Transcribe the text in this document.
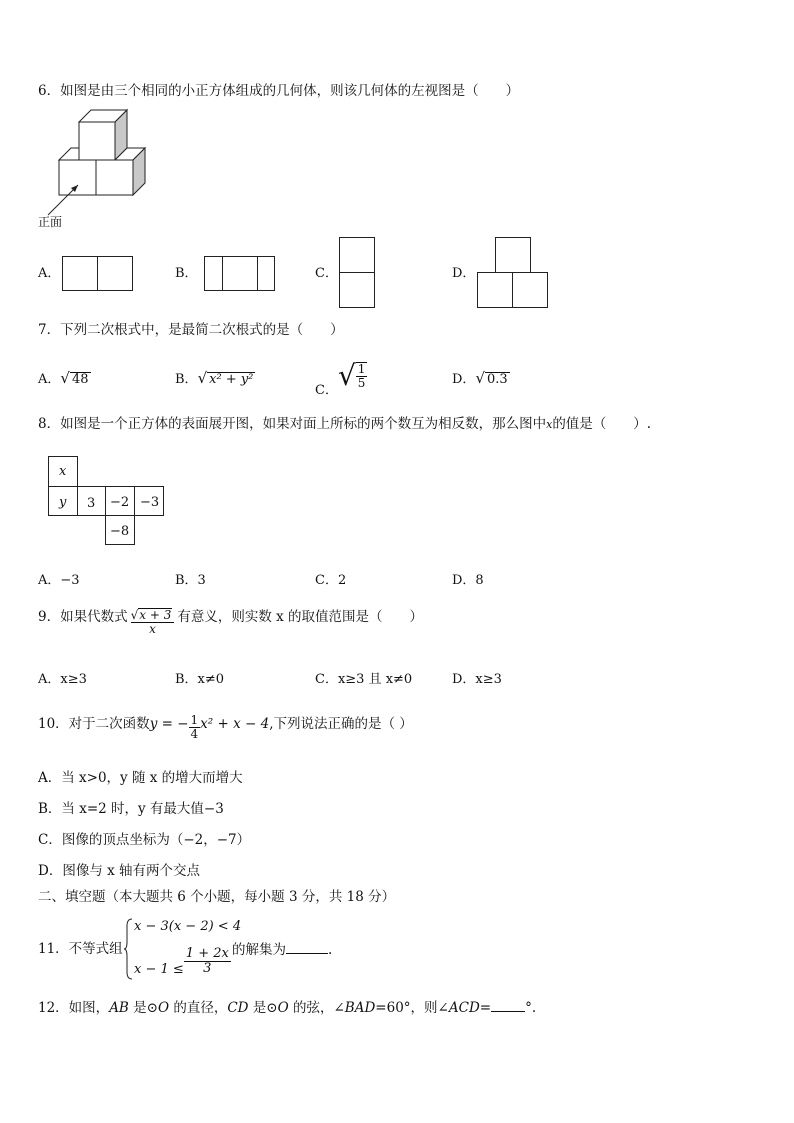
6．如图是由三个相同的小正方体组成的几何体，则该几何体的左视图是（　　）
正面
A．	B．	C．	D．
7．下列二次根式中，是最简二次根式的是（　　）
A．√ 48	B．√ x² + y²
C．√ $\frac{1}{5}$	D．√ 0.3
8．如图是一个正方体的表面展开图，如果对面上所标的两个数互为相反数，那么图中x的值是（　　）.
x
y 3 −2 −3
−8
A．−3	B．3	C．2	D．8
9．如果代数式 $\frac{√x + 3}{x}$ 有意义，则实数 x 的取值范围是（　　）
A．x≥3	B．x≠0	C．x≥3 且 x≠0	D．x≥3
10．对于二次函数y = − $\frac{1}{4} x^2 + x - 4$,下列说法正确的是（ ）
A．当 x>0，y 随 x 的增大而增大
B．当 x=2 时，y 有最大值−3
C．图像的顶点坐标为（−2，−7）
D．图像与 x 轴有两个交点
二、填空题（本大题共 6 个小题，每小题 3 分，共 18 分）
11．不等式组
x − 3(x − 2) < 4
$x - 1 \le \frac{1 + 2x}{3}$ 的解集为	.
12．如图，AB 是⊙O 的直径，CD 是⊙O 的弦，∠BAD=60°，则∠ACD=	°.
